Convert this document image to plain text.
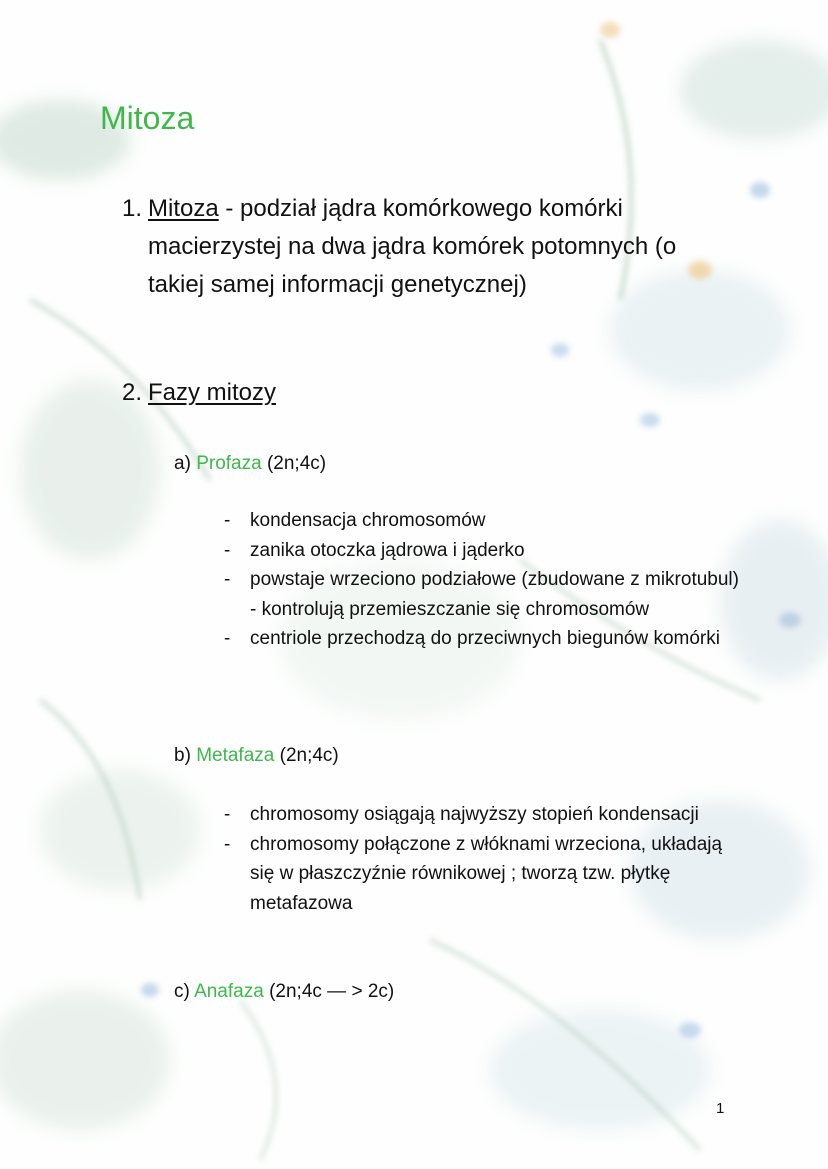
Mitoza
1. Mitoza - podział jądra komórkowego komórki macierzystej na dwa jądra komórek potomnych (o takiej samej informacji genetycznej)
2. Fazy mitozy
a) Profaza (2n;4c)
- kondensacja chromosomów
- zanika otoczka jądrowa i jąderko
- powstaje wrzeciono podziałowe (zbudowane z mikrotubul) - kontrolują przemieszczanie się chromosomów
- centriole przechodzą do przeciwnych biegunów komórki
b) Metafaza (2n;4c)
- chromosomy osiągają najwyższy stopień kondensacji
- chromosomy połączone z włóknami wrzeciona, układają się w płaszczyźnie równikowej ; tworzą tzw. płytkę metafazowa
c) Anafaza (2n;4c — > 2c)
1
